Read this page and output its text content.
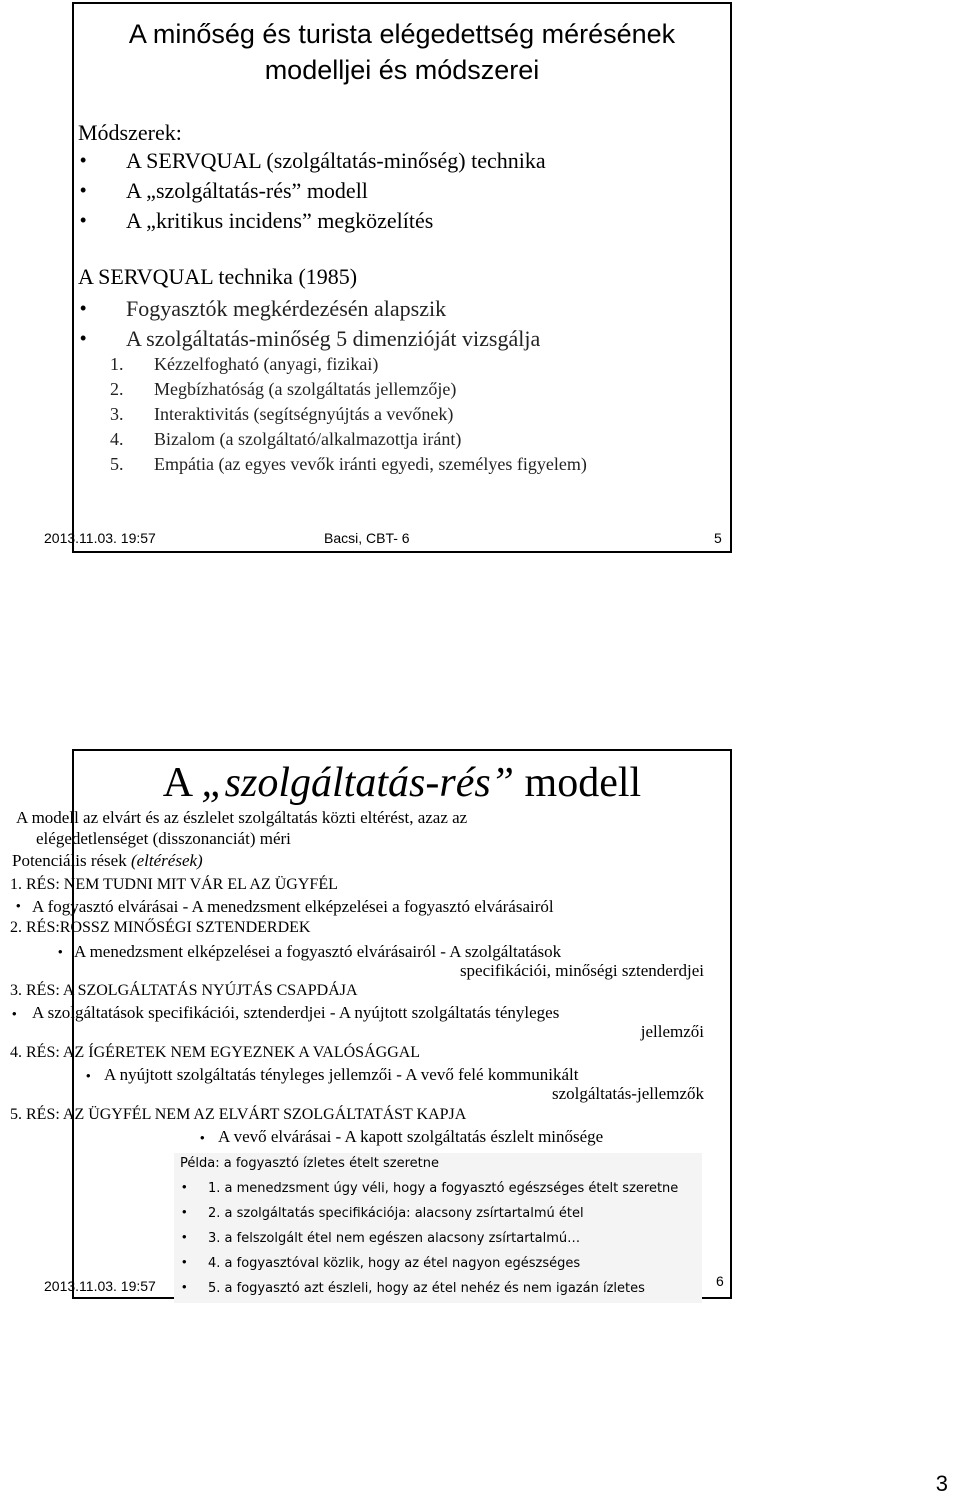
A minőség és turista elégedettség mérésének
modelljei és módszerei
Módszerek:
• A SERVQUAL (szolgáltatás-minőség) technika
• A „szolgáltatás-rés” modell
• A „kritikus incidens” megközelítés
A SERVQUAL technika (1985)
• Fogyasztók megkérdezésén alapszik
• A szolgáltatás-minőség 5 dimenzióját vizsgálja
1. Kézzelfogható (anyagi, fizikai)
2. Megbízhatóság (a szolgáltatás jellemzője)
3. Interaktivitás (segítségnyújtás a vevőnek)
4. Bizalom (a szolgáltató/alkalmazottja iránt)
5. Empátia (az egyes vevők iránti egyedi, személyes figyelem)
2013.11.03. 19:57	Bacsi, CBT- 6	5
A „szolgáltatás-rés” modell
A modell az elvárt és az észlelet szolgáltatás közti eltérést, azaz az
elégedetlenséget (disszonanciát) méri
Potenciális rések (eltérések)
1. RÉS: NEM TUDNI MIT VÁR EL AZ ÜGYFÉL
• A fogyasztó elvárásai - A menedzsment elképzelései a fogyasztó elvárásairól
2. RÉS:ROSSZ MINŐSÉGI SZTENDERDEK
• A menedzsment elképzelései a fogyasztó elvárásairól - A szolgáltatások
specifikációi, minőségi sztenderdjei
3. RÉS: A SZOLGÁLTATÁS NYÚJTÁS CSAPDÁJA
• A szolgáltatások specifikációi, sztenderdjei - A nyújtott szolgáltatás tényleges
jellemzői
4. RÉS: AZ ÍGÉRETEK NEM EGYEZNEK A VALÓSÁGGAL
• A nyújtott szolgáltatás tényleges jellemzői - A vevő felé kommunikált
szolgáltatás-jellemzők
5. RÉS: AZ ÜGYFÉL NEM AZ ELVÁRT SZOLGÁLTATÁST KAPJA
• A vevő elvárásai - A kapott szolgáltatás észlelt minősége
Példa: a fogyasztó ízletes ételt szeretne
• 1. a menedzsment úgy véli, hogy a fogyasztó egészséges ételt szeretne
• 2. a szolgáltatás specifikációja: alacsony zsírtartalmú étel
• 3. a felszolgált étel nem egészen alacsony zsírtartalmú…
• 4. a fogyasztóval közlik, hogy az étel nagyon egészséges
• 5. a fogyasztó azt észleli, hogy az étel nehéz és nem igazán ízletes
2013.11.03. 19:57	6
3
